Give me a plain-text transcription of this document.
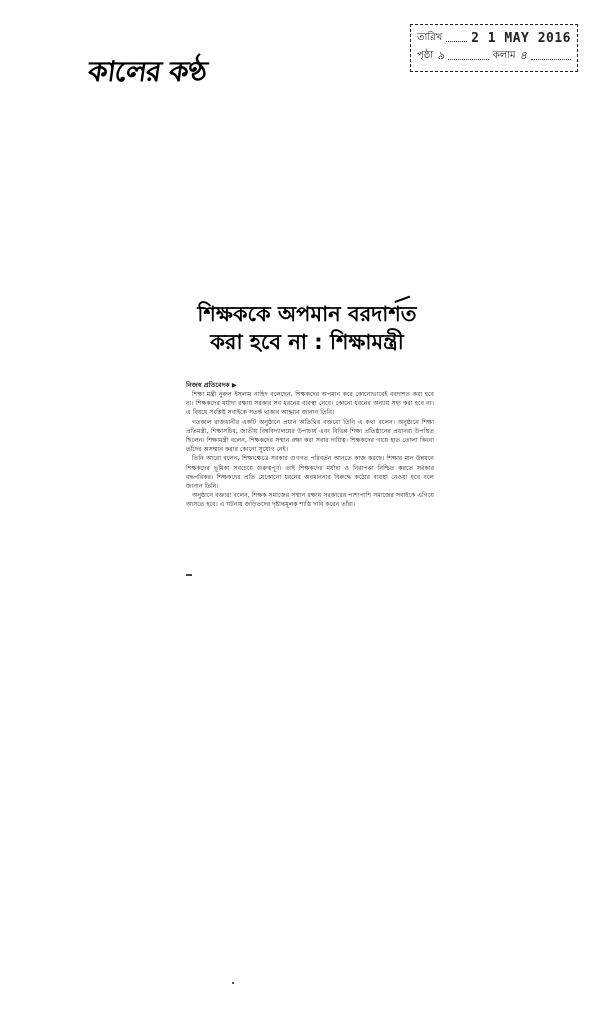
কালের কণ্ঠ
তারিখ 2 1 MAY 2016
পৃষ্ঠা ৯	কলাম ৪
শিক্ষককে অপমান বরদাশত
করা হবে না : শিক্ষামন্ত্রী
নিজস্ব প্রতিবেদক ▶

শিক্ষা মন্ত্রী নুরুল ইসলাম নাহিদ বলেছেন, শিক্ষকদের অপমান করে কোনোভাবেই বরদাশত করা হবে না। শিক্ষকদের মর্যাদা রক্ষায় সরকার সব ধরনের ব্যবস্থা নেবে। কোনো ধরনের অন্যায় সহ্য করা হবে না। এ বিষয়ে সংশ্লিষ্ট সবাইকে সতর্ক থাকার আহ্বান জানান তিনি।

গতকাল রাজধানীর একটি অনুষ্ঠানে প্রধান অতিথির বক্তব্যে তিনি এ কথা বলেন। অনুষ্ঠানে শিক্ষা প্রতিমন্ত্রী, শিক্ষাসচিব, জাতীয় বিশ্ববিদ্যালয়ের উপাচার্য এবং বিভিন্ন শিক্ষা প্রতিষ্ঠানের প্রধানরা উপস্থিত ছিলেন। শিক্ষামন্ত্রী বলেন, শিক্ষকদের সম্মান রক্ষা করা সবার দায়িত্ব। শিক্ষকদের গায়ে হাত তোলা কিংবা তাঁদের অসম্মান করার কোনো সুযোগ নেই।

তিনি আরো বলেন, শিক্ষাক্ষেত্রে সরকার গুণগত পরিবর্তন আনতে কাজ করছে। শিক্ষার মান উন্নয়নে শিক্ষকদের ভূমিকা সবচেয়ে গুরুত্বপূর্ণ। তাই শিক্ষকদের মর্যাদা ও নিরাপত্তা নিশ্চিত করতে সরকার বদ্ধপরিকর। শিক্ষকদের প্রতি যেকোনো ধরনের অবমাননার বিরুদ্ধে কঠোর ব্যবস্থা নেওয়া হবে বলে জানান তিনি।

অনুষ্ঠানে বক্তারা বলেন, শিক্ষক সমাজের সম্মান রক্ষায় সরকারের পাশাপাশি সমাজের সবাইকে এগিয়ে আসতে হবে। এ ঘটনায় জড়িতদের দৃষ্টান্তমূলক শাস্তি দাবি করেন তাঁরা।
